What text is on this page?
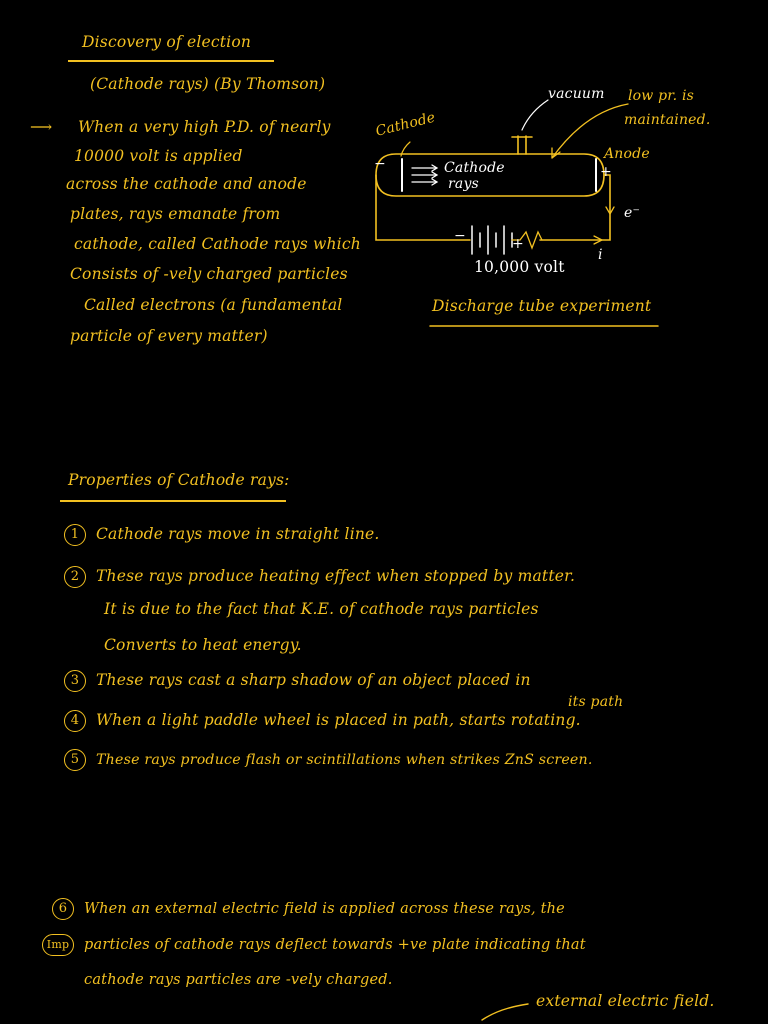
Discovery of election
(Cathode rays) (By Thomson)
⟶ When a very high P.D. of nearly
10000 volt is applied
across the cathode and anode
plates, rays emanate from
cathode, called Cathode rays which
Consists of -vely charged particles
Called electrons (a fundamental
particle of every matter)
vacuum low pr. is
maintained.
Cathode
Anode
Cathode
rays
−	+
e⁻
i
−	+
10,000 volt
Discharge tube experiment
Properties of Cathode rays:
1 Cathode rays move in straight line.
2 These rays produce heating effect when stopped by matter.
It is due to the fact that K.E. of cathode rays particles
Converts to heat energy.
3 These rays cast a sharp shadow of an object placed in
its path
4 When a light paddle wheel is placed in path, starts rotating.
5 These rays produce flash or scintillations when strikes ZnS screen.
6 When an external electric field is applied across these rays, the
Imp particles of cathode rays deflect towards +ve plate indicating that
cathode rays particles are -vely charged.
external electric field.
